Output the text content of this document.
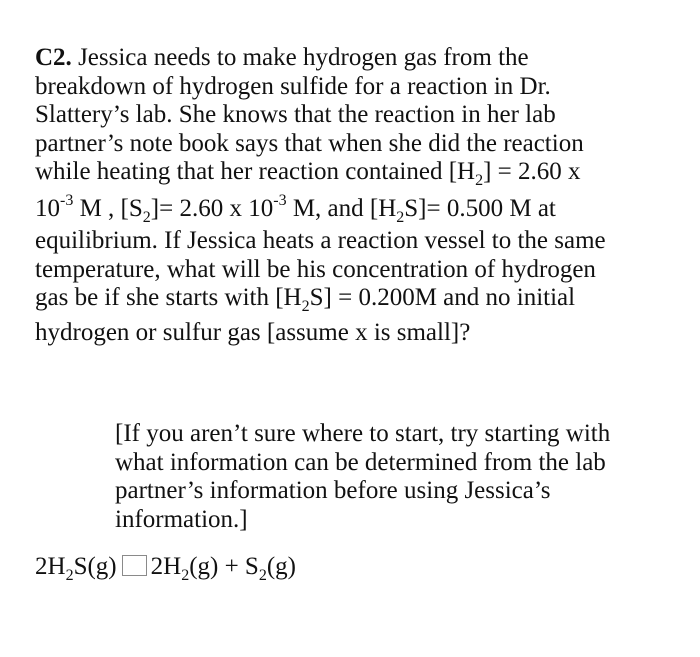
C2. Jessica needs to make hydrogen gas from the
breakdown of hydrogen sulfide for a reaction in Dr.
Slattery’s lab. She knows that the reaction in her lab
partner’s note book says that when she did the reaction
while heating that her reaction contained $[H_2] = 2.60$ x
$10^{-3}$ M , $[S_2]= 2.60$ x $10^{-3}$ M, and $[H_2S]= 0.500$ M at
equilibrium. If Jessica heats a reaction vessel to the same
temperature, what will be his concentration of hydrogen
gas be if she starts with $[H_2S] = 0.200M$ and no initial
hydrogen or sulfur gas [assume x is small]?

[If you aren’t sure where to start, try starting with
what information can be determined from the lab
partner’s information before using Jessica’s
information.]
$2H_2S(g) 2H_2(g) + S_2(g)$
